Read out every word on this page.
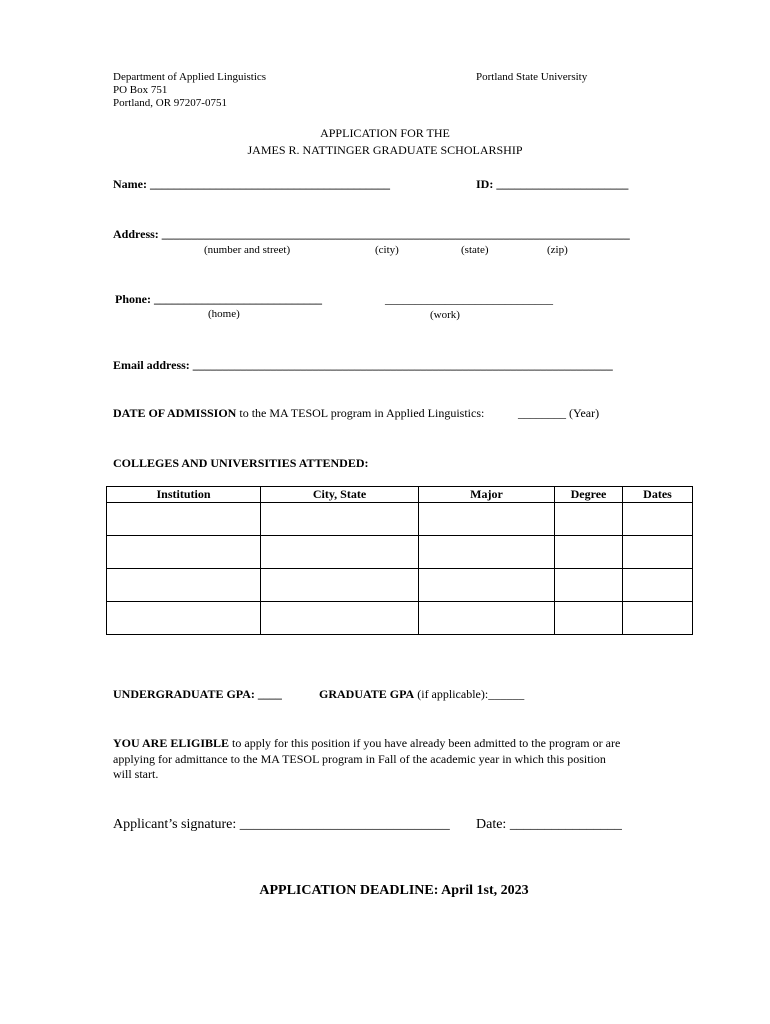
Department of Applied Linguistics
PO Box 751
Portland, OR 97207-0751
Portland State University
APPLICATION FOR THE
JAMES R. NATTINGER GRADUATE SCHOLARSHIP
Name: ________________________________________	ID: ______________________
Address: ______________________________________________________________________________
(number and street)	(city)	(state)	(zip)
Phone: ____________________________	____________________________
(home)	(work)
Email address: ______________________________________________________________________
DATE OF ADMISSION to the MA TESOL program in Applied Linguistics:	________ (Year)
COLLEGES AND UNIVERSITIES ATTENDED:
Institution	City, State	Major	Degree	Dates

UNDERGRADUATE GPA: ____	GRADUATE GPA (if applicable):______
YOU ARE ELIGIBLE to apply for this position if you have already been admitted to the program or are
applying for admittance to the MA TESOL program in Fall of the academic year in which this position
will start.
Applicant’s signature: ______________________________ Date: ________________
APPLICATION DEADLINE: April 1st, 2023
